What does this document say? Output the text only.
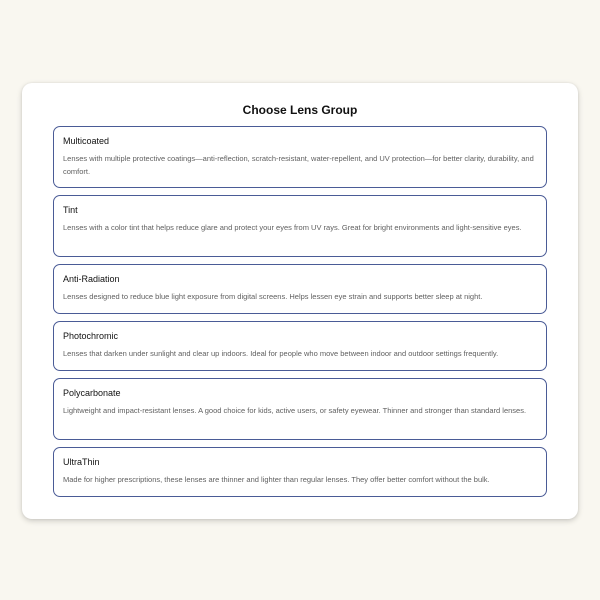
Choose Lens Group
Multicoated
Lenses with multiple protective coatings—anti-reflection, scratch-resistant, water-repellent, and UV protection—for better clarity, durability, and comfort.
Tint
Lenses with a color tint that helps reduce glare and protect your eyes from UV rays. Great for bright environments and light-sensitive eyes.
Anti-Radiation
Lenses designed to reduce blue light exposure from digital screens. Helps lessen eye strain and supports better sleep at night.
Photochromic
Lenses that darken under sunlight and clear up indoors. Ideal for people who move between indoor and outdoor settings frequently.
Polycarbonate
Lightweight and impact-resistant lenses. A good choice for kids, active users, or safety eyewear. Thinner and stronger than standard lenses.
UltraThin
Made for higher prescriptions, these lenses are thinner and lighter than regular lenses. They offer better comfort without the bulk.
